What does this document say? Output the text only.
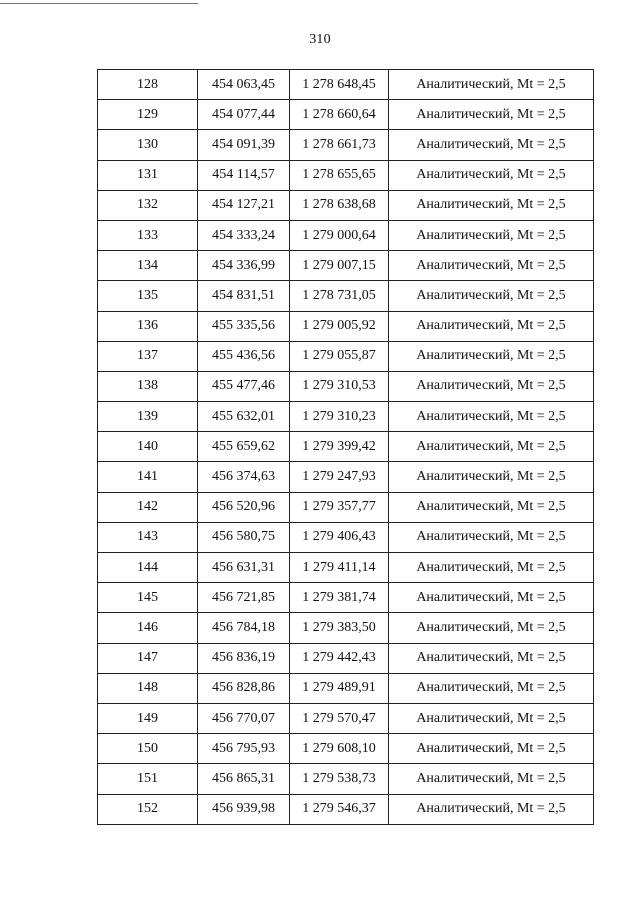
310
128	454 063,45	1 278 648,45	Аналитический, Mt = 2,5
129	454 077,44	1 278 660,64	Аналитический, Mt = 2,5
130	454 091,39	1 278 661,73	Аналитический, Mt = 2,5
131	454 114,57	1 278 655,65	Аналитический, Mt = 2,5
132	454 127,21	1 278 638,68	Аналитический, Mt = 2,5
133	454 333,24	1 279 000,64	Аналитический, Mt = 2,5
134	454 336,99	1 279 007,15	Аналитический, Mt = 2,5
135	454 831,51	1 278 731,05	Аналитический, Mt = 2,5
136	455 335,56	1 279 005,92	Аналитический, Mt = 2,5
137	455 436,56	1 279 055,87	Аналитический, Mt = 2,5
138	455 477,46	1 279 310,53	Аналитический, Mt = 2,5
139	455 632,01	1 279 310,23	Аналитический, Mt = 2,5
140	455 659,62	1 279 399,42	Аналитический, Mt = 2,5
141	456 374,63	1 279 247,93	Аналитический, Mt = 2,5
142	456 520,96	1 279 357,77	Аналитический, Mt = 2,5
143	456 580,75	1 279 406,43	Аналитический, Mt = 2,5
144	456 631,31	1 279 411,14	Аналитический, Mt = 2,5
145	456 721,85	1 279 381,74	Аналитический, Mt = 2,5
146	456 784,18	1 279 383,50	Аналитический, Mt = 2,5
147	456 836,19	1 279 442,43	Аналитический, Mt = 2,5
148	456 828,86	1 279 489,91	Аналитический, Mt = 2,5
149	456 770,07	1 279 570,47	Аналитический, Mt = 2,5
150	456 795,93	1 279 608,10	Аналитический, Mt = 2,5
151	456 865,31	1 279 538,73	Аналитический, Mt = 2,5
152	456 939,98	1 279 546,37	Аналитический, Mt = 2,5
